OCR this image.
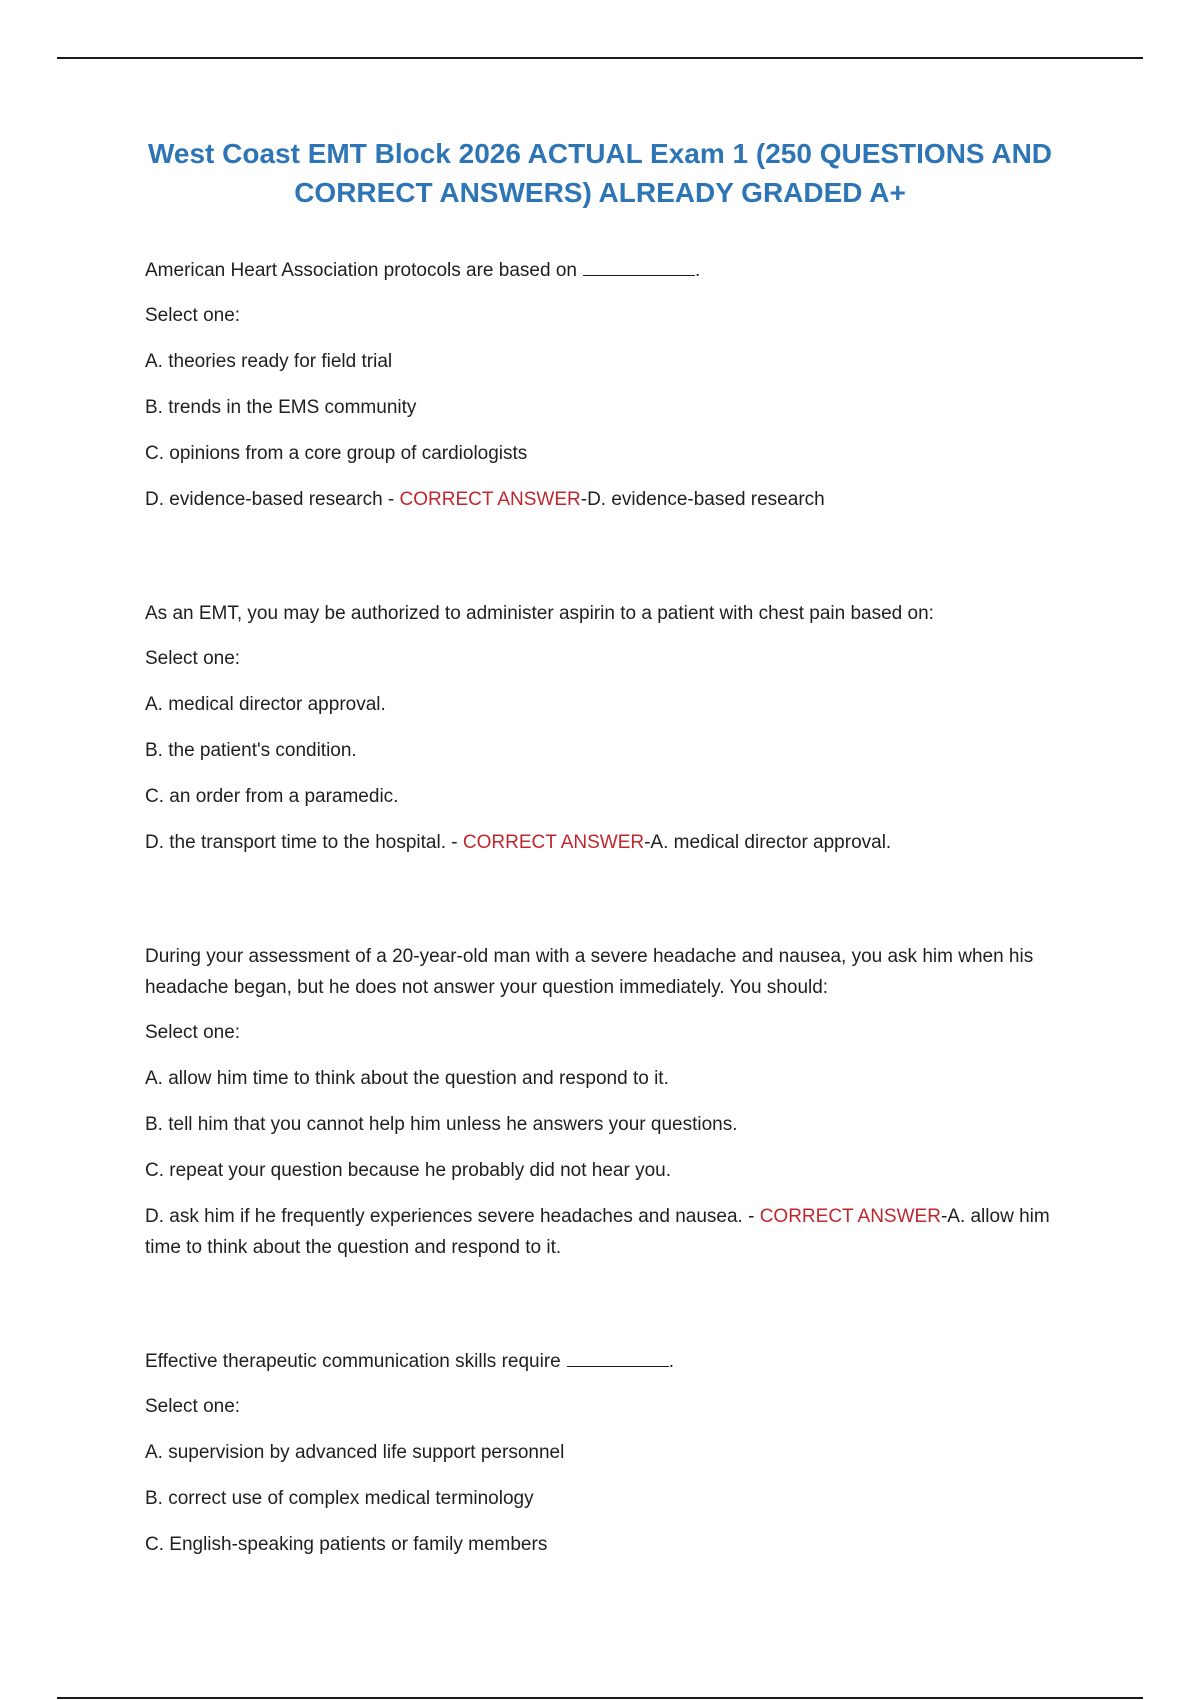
West Coast EMT Block 2026 ACTUAL Exam 1 (250 QUESTIONS AND CORRECT ANSWERS) ALREADY GRADED A+

American Heart Association protocols are based on	.

Select one:

A. theories ready for field trial

B. trends in the EMS community

C. opinions from a core group of cardiologists

D. evidence-based research - CORRECT ANSWER-D. evidence-based research

As an EMT, you may be authorized to administer aspirin to a patient with chest pain based on:

Select one:

A. medical director approval.

B. the patient's condition.

C. an order from a paramedic.

D. the transport time to the hospital. - CORRECT ANSWER-A. medical director approval.

During your assessment of a 20-year-old man with a severe headache and nausea, you ask him when his headache began, but he does not answer your question immediately. You should:

Select one:

A. allow him time to think about the question and respond to it.

B. tell him that you cannot help him unless he answers your questions.

C. repeat your question because he probably did not hear you.

D. ask him if he frequently experiences severe headaches and nausea. - CORRECT ANSWER-A. allow him time to think about the question and respond to it.

Effective therapeutic communication skills require	.

Select one:

A. supervision by advanced life support personnel

B. correct use of complex medical terminology

C. English-speaking patients or family members
